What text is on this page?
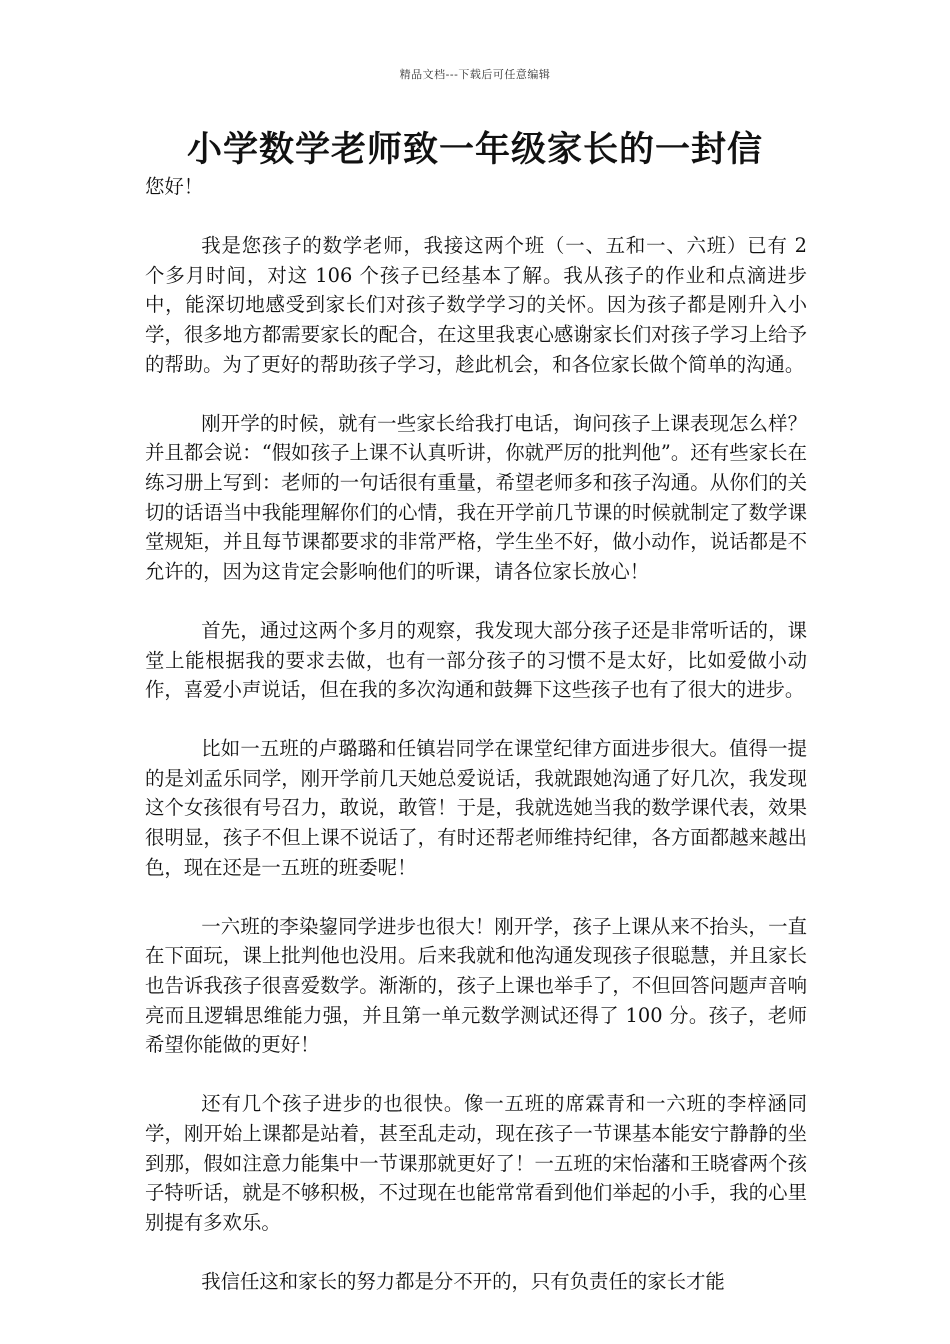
精品文档---下载后可任意编辑
小学数学老师致一年级家长的一封信

您好！

我是您孩子的数学老师，我接这两个班（一、五和一、六班）已有 2 个多月时间，对这 106 个孩子已经基本了解。我从孩子的作业和点滴进步中，能深切地感受到家长们对孩子数学学习的关怀。因为孩子都是刚升入小学，很多地方都需要家长的配合，在这里我衷心感谢家长们对孩子学习上给予的帮助。为了更好的帮助孩子学习，趁此机会，和各位家长做个简单的沟通。

刚开学的时候，就有一些家长给我打电话，询问孩子上课表现怎么样？并且都会说：“假如孩子上课不认真听讲，你就严厉的批判他”。还有些家长在练习册上写到：老师的一句话很有重量，希望老师多和孩子沟通。从你们的关切的话语当中我能理解你们的心情，我在开学前几节课的时候就制定了数学课堂规矩，并且每节课都要求的非常严格，学生坐不好，做小动作，说话都是不允许的，因为这肯定会影响他们的听课，请各位家长放心！

首先，通过这两个多月的观察，我发现大部分孩子还是非常听话的，课堂上能根据我的要求去做，也有一部分孩子的习惯不是太好，比如爱做小动作，喜爱小声说话，但在我的多次沟通和鼓舞下这些孩子也有了很大的进步。

比如一五班的卢璐璐和任镇岩同学在课堂纪律方面进步很大。值得一提的是刘孟乐同学，刚开学前几天她总爱说话，我就跟她沟通了好几次，我发现这个女孩很有号召力，敢说，敢管！于是，我就选她当我的数学课代表，效果很明显，孩子不但上课不说话了，有时还帮老师维持纪律，各方面都越来越出色，现在还是一五班的班委呢！

一六班的李染鋆同学进步也很大！刚开学，孩子上课从来不抬头，一直在下面玩，课上批判他也没用。后来我就和他沟通发现孩子很聪慧，并且家长也告诉我孩子很喜爱数学。渐渐的，孩子上课也举手了，不但回答问题声音响亮而且逻辑思维能力强，并且第一单元数学测试还得了 100 分。孩子，老师希望你能做的更好！

还有几个孩子进步的也很快。像一五班的席霖青和一六班的李梓涵同学，刚开始上课都是站着，甚至乱走动，现在孩子一节课基本能安宁静静的坐到那，假如注意力能集中一节课那就更好了！一五班的宋怡藩和王晓睿两个孩子特听话，就是不够积极，不过现在也能常常看到他们举起的小手，我的心里别提有多欢乐。

我信任这和家长的努力都是分不开的，只有负责任的家长才能
